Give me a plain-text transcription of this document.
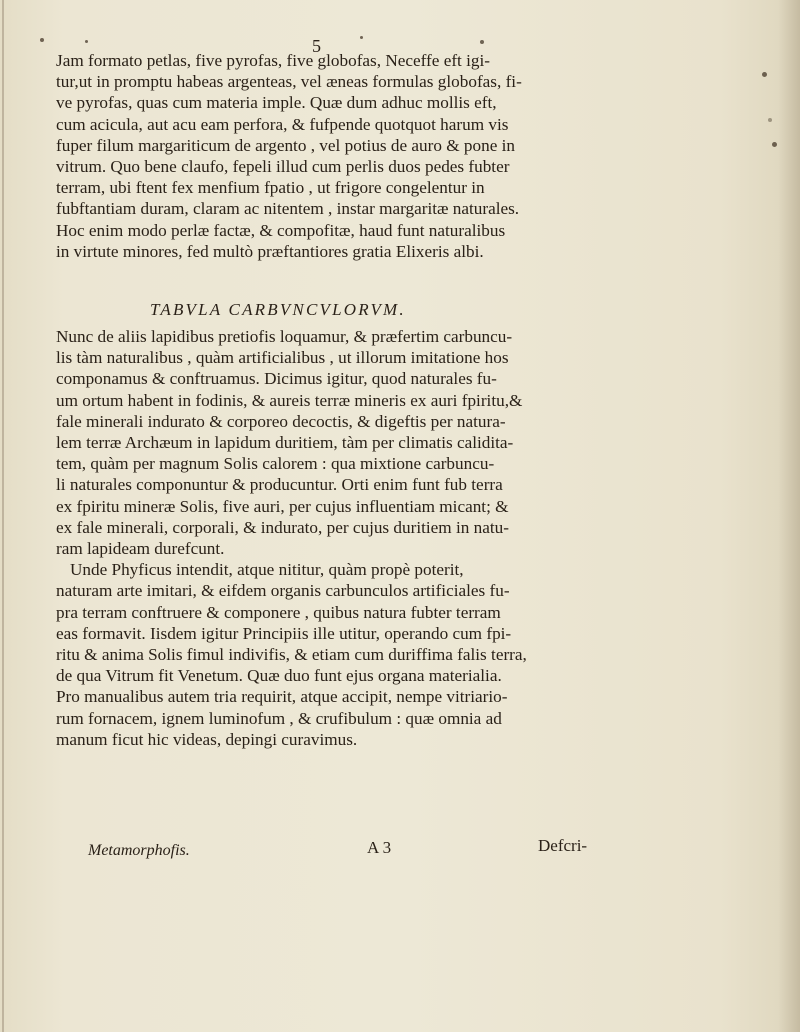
5

Jam formato petlas, five pyrofas, five globofas, Neceffe eft igi-

tur,ut in promptu habeas argenteas, vel æneas formulas globofas, fi-

ve pyrofas, quas cum materia imple. Quæ dum adhuc mollis eft,

cum acicula, aut acu eam perfora, & fufpende quotquot harum vis

fuper filum margariticum de argento , vel potius de auro & pone in

vitrum. Quo bene claufo, fepeli illud cum perlis duos pedes fubter

terram, ubi ftent fex menfium fpatio , ut frigore congelentur in

fubftantiam duram, claram ac nitentem , instar margaritæ naturales.

Hoc enim modo perlæ factæ, & compofitæ, haud funt naturalibus

in virtute minores, fed multò præftantiores gratia Elixeris albi.

TABVLA CARBVNCVLORVM.

Nunc de aliis lapidibus pretiofis loquamur, & præfertim carbuncu-

lis tàm naturalibus , quàm artificialibus , ut illorum imitatione hos

componamus & conftruamus. Dicimus igitur, quod naturales fu-

um ortum habent in fodinis, & aureis terræ mineris ex auri fpiritu,&

fale minerali indurato & corporeo decoctis, & digeftis per natura-

lem terræ Archæum in lapidum duritiem, tàm per climatis calidita-

tem, quàm per magnum Solis calorem : qua mixtione carbuncu-

li naturales componuntur & producuntur. Orti enim funt fub terra

ex fpiritu mineræ Solis, five auri, per cujus influentiam micant; &

ex fale minerali, corporali, & indurato, per cujus duritiem in natu-

ram lapideam durefcunt.

Unde Phyficus intendit, atque nititur, quàm propè poterit,

naturam arte imitari, & eifdem organis carbunculos artificiales fu-

pra terram conftruere & componere , quibus natura fubter terram

eas formavit. Iisdem igitur Principiis ille utitur, operando cum fpi-

ritu & anima Solis fimul indivifis, & etiam cum duriffima falis terra,

de qua Vitrum fit Venetum. Quæ duo funt ejus organa materialia.

Pro manualibus autem tria requirit, atque accipit, nempe vitriario-

rum fornacem, ignem luminofum , & crufibulum : quæ omnia ad

manum ficut hic videas, depingi curavimus.

Metamorphofis.	A 3	Defcri-
